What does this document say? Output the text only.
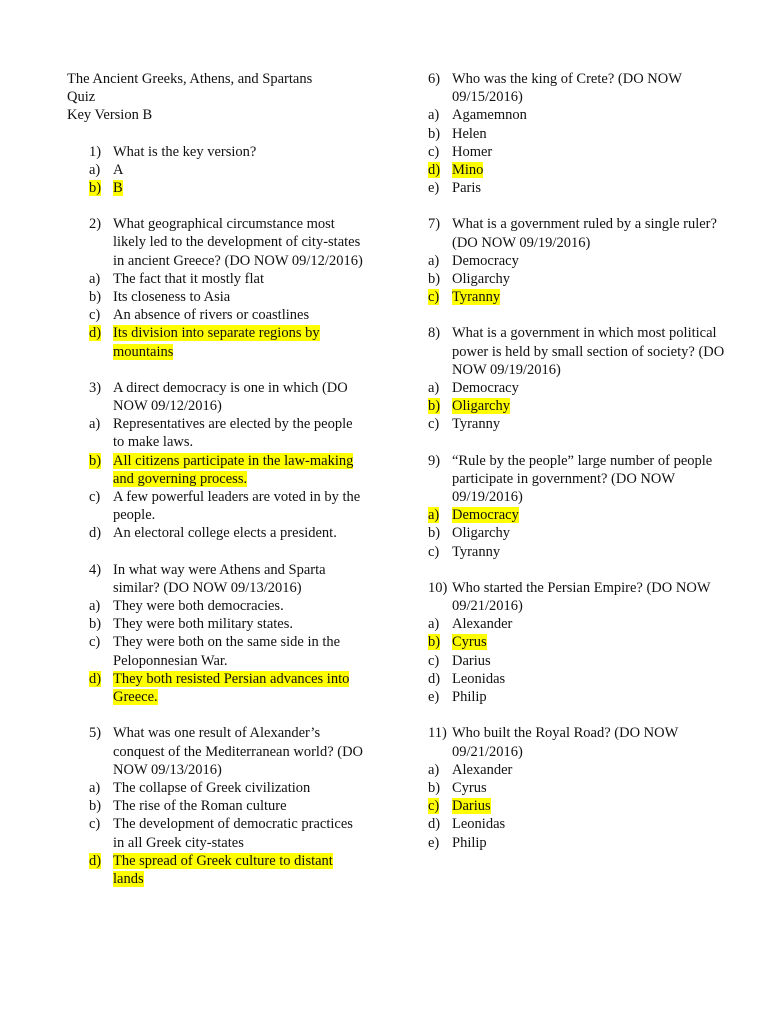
The Ancient Greeks, Athens, and Spartans
Quiz
Key Version B
1) What is the key version?
a) A
b) B
2) What geographical circumstance most likely led to the development of city-states in ancient Greece? (DO NOW 09/12/2016)
a) The fact that it mostly flat
b) Its closeness to Asia
c) An absence of rivers or coastlines
d) Its division into separate regions by mountains
3) A direct democracy is one in which (DO NOW 09/12/2016)
a) Representatives are elected by the people to make laws.
b) All citizens participate in the law-making and governing process.
c) A few powerful leaders are voted in by the people.
d) An electoral college elects a president.
4) In what way were Athens and Sparta similar? (DO NOW 09/13/2016)
a) They were both democracies.
b) They were both military states.
c) They were both on the same side in the Peloponnesian War.
d) They both resisted Persian advances into Greece.
5) What was one result of Alexander’s conquest of the Mediterranean world? (DO NOW 09/13/2016)
a) The collapse of Greek civilization
b) The rise of the Roman culture
c) The development of democratic practices in all Greek city-states
d) The spread of Greek culture to distant lands
6) Who was the king of Crete? (DO NOW 09/15/2016)
a) Agamemnon
b) Helen
c) Homer
d) Mino
e) Paris
7) What is a government ruled by a single ruler? (DO NOW 09/19/2016)
a) Democracy
b) Oligarchy
c) Tyranny
8) What is a government in which most political power is held by small section of society? (DO NOW 09/19/2016)
a) Democracy
b) Oligarchy
c) Tyranny
9) “Rule by the people” large number of people participate in government? (DO NOW 09/19/2016)
a) Democracy
b) Oligarchy
c) Tyranny
10) Who started the Persian Empire? (DO NOW 09/21/2016)
a) Alexander
b) Cyrus
c) Darius
d) Leonidas
e) Philip
11) Who built the Royal Road? (DO NOW 09/21/2016)
a) Alexander
b) Cyrus
c) Darius
d) Leonidas
e) Philip
